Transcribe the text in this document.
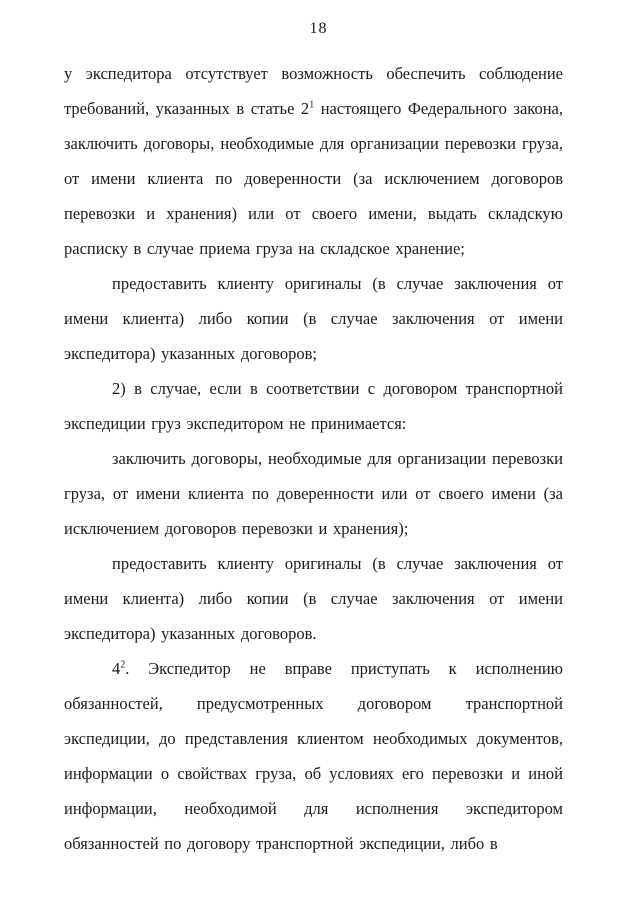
18

у экспедитора отсутствует возможность обеспечить соблюдение требований, указанных в статье $2^1$ настоящего Федерального закона, заключить договоры, необходимые для организации перевозки груза, от имени клиента по доверенности (за исключением договоров перевозки и хранения) или от своего имени, выдать складскую расписку в случае приема груза на складское хранение;

предоставить клиенту оригиналы (в случае заключения от имени клиента) либо копии (в случае заключения от имени экспедитора) указанных договоров;

2) в случае, если в соответствии с договором транспортной экспедиции груз экспедитором не принимается:

заключить договоры, необходимые для организации перевозки груза, от имени клиента по доверенности или от своего имени (за исключением договоров перевозки и хранения);

предоставить клиенту оригиналы (в случае заключения от имени клиента) либо копии (в случае заключения от имени экспедитора) указанных договоров.

$4^2$. Экспедитор не вправе приступать к исполнению обязанностей, предусмотренных договором транспортной экспедиции, до представления клиентом необходимых документов, информации о свойствах груза, об условиях его перевозки и иной информации, необходимой для исполнения экспедитором обязанностей по договору транспортной экспедиции, либо в
